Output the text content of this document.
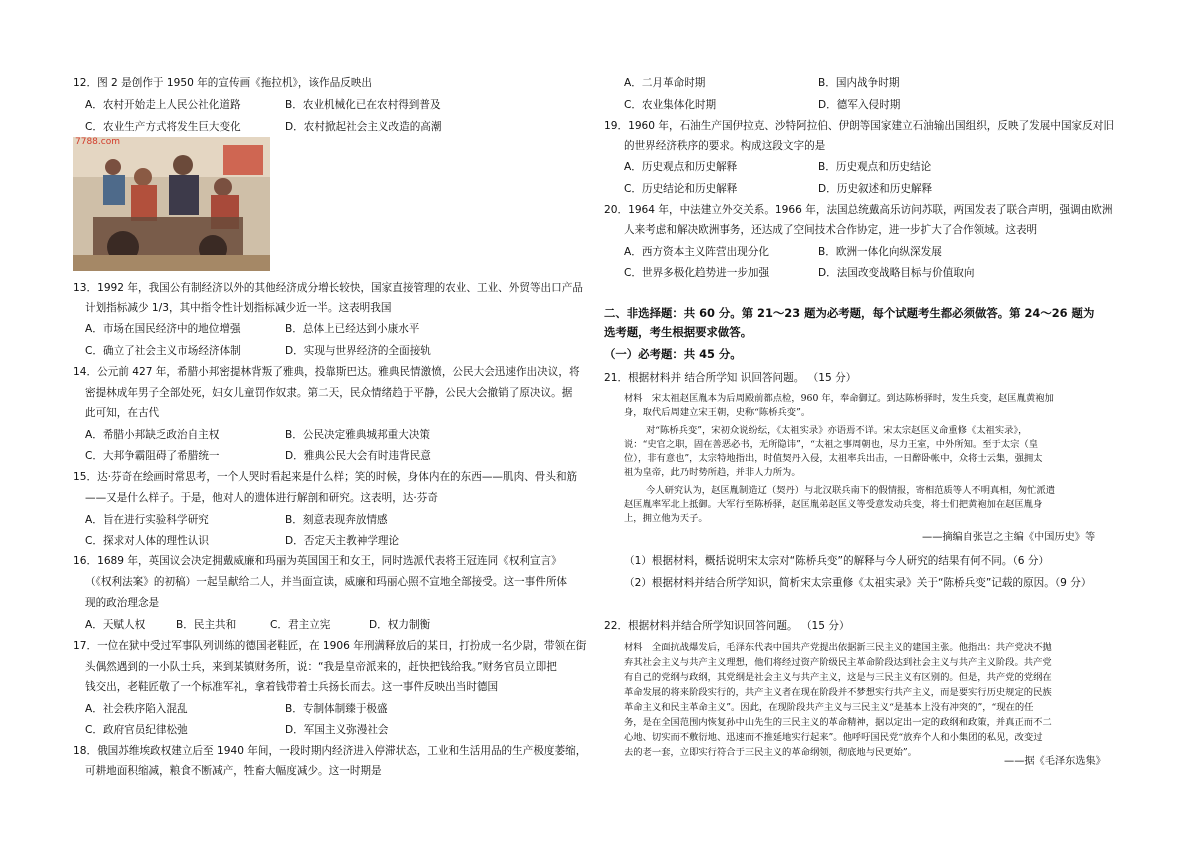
12．图 2 是创作于 1950 年的宣传画《拖拉机》，该作品反映出
A．农村开始走上人民公社化道路	B．农业机械化已在农村得到普及
C．农业生产方式将发生巨大变化	D．农村掀起社会主义改造的高潮
7788.com
13．1992 年，我国公有制经济以外的其他经济成分增长较快，国家直接管理的农业、工业、外贸等出口产品
计划指标减少 1/3，其中指令性计划指标减少近一半。这表明我国
A．市场在国民经济中的地位增强	B．总体上已经达到小康水平
C．确立了社会主义市场经济体制	D．实现与世界经济的全面接轨
14．公元前 427 年，希腊小邦密提林背叛了雅典，投靠斯巴达。雅典民情激愤，公民大会迅速作出决议，将
密提林成年男子全部处死，妇女儿童罚作奴隶。第二天，民众情绪趋于平静，公民大会撤销了原决议。据
此可知，在古代
A．希腊小邦缺乏政治自主权	B．公民决定雅典城邦重大决策
C．大邦争霸阻碍了希腊统一	D．雅典公民大会有时违背民意
15．达·芬奇在绘画时常思考，一个人哭时看起来是什么样；笑的时候，身体内在的东西——肌肉、骨头和筋
——又是什么样子。于是，他对人的遗体进行解剖和研究。这表明，达·芬奇
A．旨在进行实验科学研究	B．刻意表现奔放情感
C．探求对人体的理性认识	D．否定天主教神学理论
16．1689 年，英国议会决定拥戴威廉和玛丽为英国国王和女王，同时选派代表将王冠连同《权利宣言》
（《权利法案》的初稿）一起呈献给二人，并当面宣读，威廉和玛丽心照不宣地全部接受。这一事件所体
现的政治理念是
A．天赋人权	B．民主共和	C．君主立宪	D．权力制衡
17．一位在狱中受过军事队列训练的德国老鞋匠，在 1906 年刑满释放后的某日，打扮成一名少尉，带领在街
头偶然遇到的一小队士兵，来到某镇财务所，说：“我是皇帝派来的，赶快把钱给我。”财务官员立即把
钱交出，老鞋匠敬了一个标准军礼，拿着钱带着士兵扬长而去。这一事件反映出当时德国
A．社会秩序陷入混乱	B．专制体制臻于极盛
C．政府官员纪律松弛	D．军国主义弥漫社会
18．俄国苏维埃政权建立后至 1940 年间，一段时期内经济进入停滞状态，工业和生活用品的生产极度萎缩，
可耕地面积缩减，粮食不断减产，牲畜大幅度减少。这一时期是
A．二月革命时期	B．国内战争时期
C．农业集体化时期	D．德军入侵时期
19．1960 年，石油生产国伊拉克、沙特阿拉伯、伊朗等国家建立石油输出国组织，反映了发展中国家反对旧
的世界经济秩序的要求。构成这段文字的是
A．历史观点和历史解释	B．历史观点和历史结论
C．历史结论和历史解释	D．历史叙述和历史解释
20．1964 年，中法建立外交关系。1966 年，法国总统戴高乐访问苏联，两国发表了联合声明，强调由欧洲
人来考虑和解决欧洲事务，还达成了空间技术合作协定，进一步扩大了合作领域。这表明
A．西方资本主义阵营出现分化	B．欧洲一体化向纵深发展
C．世界多极化趋势进一步加强	D．法国改变战略目标与价值取向
二、非选择题：共 60 分。第 21～23 题为必考题，每个试题考生都必须做答。第 24～26 题为
选考题，考生根据要求做答。
（一）必考题：共 45 分。
21．根据材料并 结合所学知 识回答问题。 （15 分）
材料　宋太祖赵匡胤本为后周殿前都点检，960 年，奉命御辽。到达陈桥驿时，发生兵变，赵匡胤黄袍加
身，取代后周建立宋王朝，史称“陈桥兵变”。
对“陈桥兵变”，宋初众说纷纭，《太祖实录》亦语焉不详。宋太宗赵匡义命重修《太祖实录》，
说：“史官之职，固在善恶必书，无所隐讳”，“太祖之事周朝也，尽力王室，中外所知。至于太宗（皇
位），非有意也”，太宗特地指出，时值契丹入侵，太祖率兵出击，一日醉卧帐中，众将士云集，强拥太
祖为皇帝，此乃时势所趋，并非人力所为。
今人研究认为，赵匡胤制造辽（契丹）与北汉联兵南下的假情报，寄相范质等人不明真相，匆忙派遣
赵匡胤率军北上抵御。大军行至陈桥驿，赵匡胤弟赵匡义等受意发动兵变，将士们把黄袍加在赵匡胤身
上，拥立他为天子。
——摘编自张岂之主编《中国历史》等
（1）根据材料，概括说明宋太宗对“陈桥兵变”的解释与今人研究的结果有何不同。（6 分）
（2）根据材料并结合所学知识，简析宋太宗重修《太祖实录》关于“陈桥兵变”记载的原因。（9 分）
22．根据材料并结合所学知识回答问题。 （15 分）
材料　全面抗战爆发后，毛泽东代表中国共产党提出依据新三民主义的建国主张。他指出：共产党决不抛
弃其社会主义与共产主义理想，他们将经过资产阶级民主革命阶段达到社会主义与共产主义阶段。共产党
有自己的党纲与政纲，其党纲是社会主义与共产主义，这是与三民主义有区别的。但是，共产党的党纲在
革命发展的将来阶段实行的，共产主义者在现在阶段并不梦想实行共产主义，而是要实行历史规定的民族
革命主义和民主革命主义”。因此，在现阶段共产主义与三民主义“是基本上没有冲突的”，“现在的任
务，是在全国范围内恢复孙中山先生的三民主义的革命精神，据以定出一定的政纲和政策，并真正而不二
心地、切实而不敷衍地、迅速而不推延地实行起来”。他呼吁国民党“放弃个人和小集团的私见，改变过
去的老一套，立即实行符合于三民主义的革命纲领，彻底地与民更始”。
——据《毛泽东选集》
